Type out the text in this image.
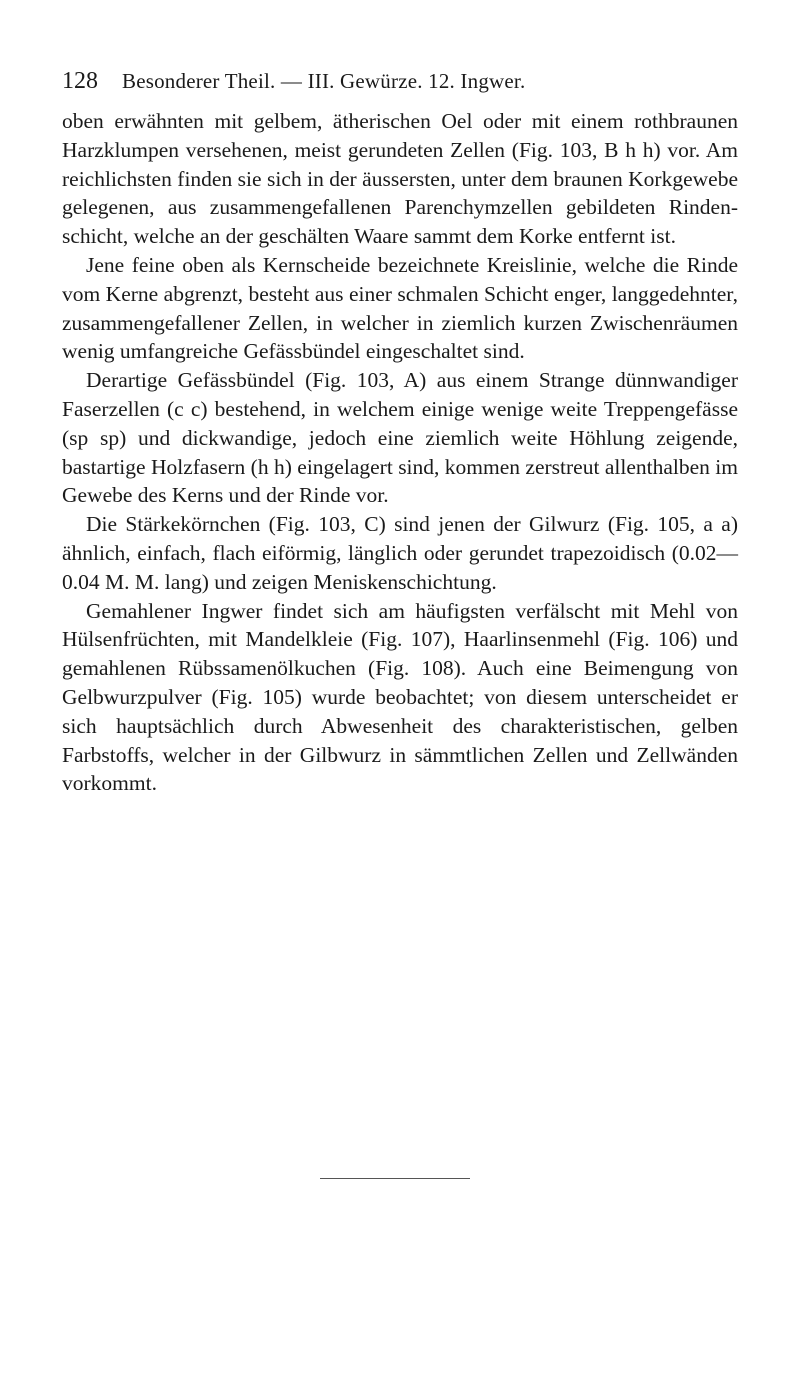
128 Besonderer Theil. — III. Gewürze. 12. Ingwer.

oben erwähnten mit gelbem, ätherischen Oel oder mit einem rothbraunen Harzklumpen versehenen, meist gerundeten Zellen (Fig. 103, B h h) vor. Am reichlichsten finden sie sich in der äussersten, unter dem braunen Korkgewebe gelegenen, aus zusammengefallenen Parenchymzellen gebildeten Rinden-schicht, welche an der geschälten Waare sammt dem Korke entfernt ist.

Jene feine oben als Kernscheide bezeichnete Kreislinie, welche die Rinde vom Kerne abgrenzt, besteht aus einer schmalen Schicht enger, langgedehnter, zusammengefallener Zellen, in welcher in ziemlich kurzen Zwischenräumen wenig umfangreiche Gefässbündel eingeschaltet sind.

Derartige Gefässbündel (Fig. 103, A) aus einem Strange dünnwandiger Faserzellen (c c) bestehend, in welchem einige wenige weite Treppengefässe (sp sp) und dickwandige, jedoch eine ziemlich weite Höhlung zeigende, bastartige Holzfasern (h h) eingelagert sind, kommen zerstreut allenthalben im Gewebe des Kerns und der Rinde vor.

Die Stärkekörnchen (Fig. 103, C) sind jenen der Gilwurz (Fig. 105, a a) ähnlich, einfach, flach eiförmig, länglich oder gerundet trapezoidisch (0.02—0.04 M. M. lang) und zeigen Meniskenschichtung.

Gemahlener Ingwer findet sich am häufigsten verfälscht mit Mehl von Hülsenfrüchten, mit Mandelkleie (Fig. 107), Haarlinsenmehl (Fig. 106) und gemahlenen Rübssamenölkuchen (Fig. 108). Auch eine Beimengung von Gelbwurzpulver (Fig. 105) wurde beobachtet; von diesem unterscheidet er sich hauptsächlich durch Abwesenheit des charakteristischen, gelben Farbstoffs, welcher in der Gilbwurz in sämmtlichen Zellen und Zellwänden vorkommt.
